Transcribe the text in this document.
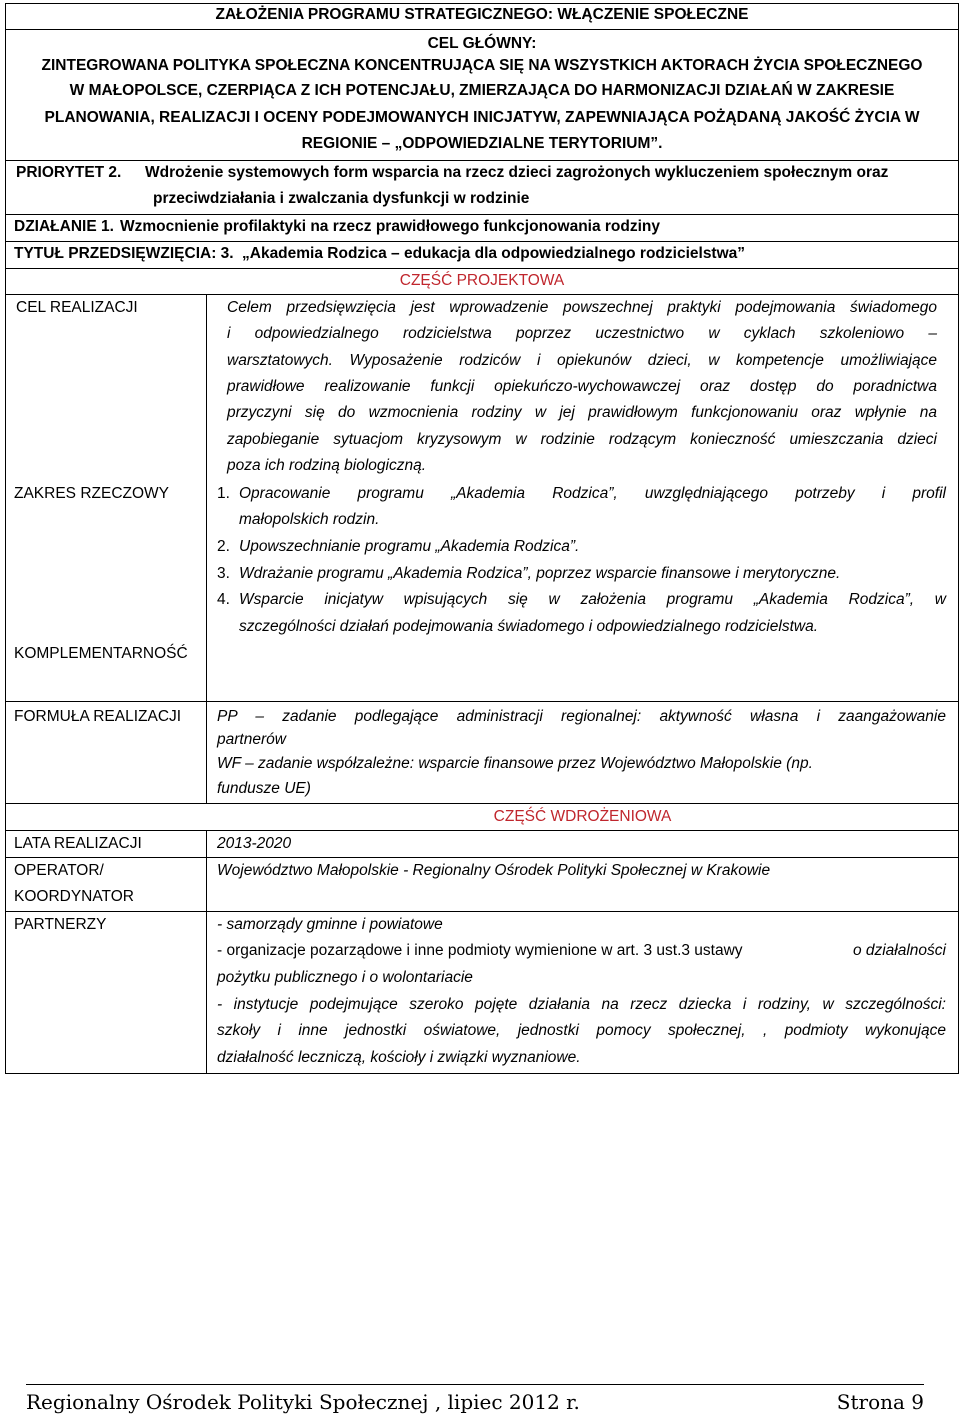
ZAŁOŻENIA PROGRAMU STRATEGICZNEGO: WŁĄCZENIE SPOŁECZNE
CEL GŁÓWNY:
ZINTEGROWANA POLITYKA SPOŁECZNA KONCENTRUJĄCA SIĘ NA WSZYSTKICH AKTORACH ŻYCIA SPOŁECZNEGO
W MAŁOPOLSCE, CZERPIĄCA Z ICH POTENCJAŁU, ZMIERZAJĄCA DO HARMONIZACJI DZIAŁAŃ W ZAKRESIE
PLANOWANIA, REALIZACJI I OCENY PODEJMOWANYCH INICJATYW, ZAPEWNIAJĄCA POŻĄDANĄ JAKOŚĆ ŻYCIA W
REGIONIE – „ODPOWIEDZIALNE TERYTORIUM”.
PRIORYTET 2. Wdrożenie systemowych form wsparcia na rzecz dzieci zagrożonych wykluczeniem społecznym oraz
przeciwdziałania i zwalczania dysfunkcji w rodzinie
DZIAŁANIE 1. Wzmocnienie profilaktyki na rzecz prawidłowego funkcjonowania rodziny
TYTUŁ PRZEDSIĘWZIĘCIA: 3. „Akademia Rodzica – edukacja dla odpowiedzialnego rodzicielstwa”
CZĘŚĆ PROJEKTOWA
CEL REALIZACJI	Celem przedsięwzięcia jest wprowadzenie powszechnej praktyki podejmowania świadomego
i odpowiedzialnego rodzicielstwa poprzez uczestnictwo w cyklach szkoleniowo –
warsztatowych. Wyposażenie rodziców i opiekunów dzieci, w kompetencje umożliwiające
prawidłowe realizowanie funkcji opiekuńczo-wychowawczej oraz dostęp do poradnictwa
przyczyni się do wzmocnienia rodziny w jej prawidłowym funkcjonowaniu oraz wpłynie na
zapobieganie sytuacjom kryzysowym w rodzinie rodzącym konieczność umieszczania dzieci
poza ich rodziną biologiczną.
ZAKRES RZECZOWY	1. Opracowanie programu „Akademia Rodzica”, uwzględniającego potrzeby i profil
małopolskich rodzin.
2. Upowszechnianie programu „Akademia Rodzica”.
3. Wdrażanie programu „Akademia Rodzica”, poprzez wsparcie finansowe i merytoryczne.
4. Wsparcie inicjatyw wpisujących się w założenia programu „Akademia Rodzica”, w
szczególności działań podejmowania świadomego i odpowiedzialnego rodzicielstwa.
KOMPLEMENTARNOŚĆ
FORMUŁA REALIZACJI PP – zadanie podlegające administracji regionalnej: aktywność własna i zaangażowanie
partnerów
WF – zadanie współzależne: wsparcie finansowe przez Województwo Małopolskie (np.
fundusze UE)
CZĘŚĆ WDROŻENIOWA
LATA REALIZACJI	2013-2020
OPERATOR/
KOORDYNATOR
Województwo Małopolskie - Regionalny Ośrodek Polityki Społecznej w Krakowie
PARTNERZY	- samorządy gminne i powiatowe
- organizacje pozarządowe i inne podmioty wymienione w art. 3 ust.3 ustawy	o działalności
pożytku publicznego i o wolontariacie
- instytucje podejmujące szeroko pojęte działania na rzecz dziecka i rodziny, w szczególności:
szkoły i inne jednostki oświatowe, jednostki pomocy społecznej, , podmioty wykonujące
działalność leczniczą, kościoły i związki wyznaniowe.
Regionalny Ośrodek Polityki Społecznej , lipiec 2012 r.	Strona 9
